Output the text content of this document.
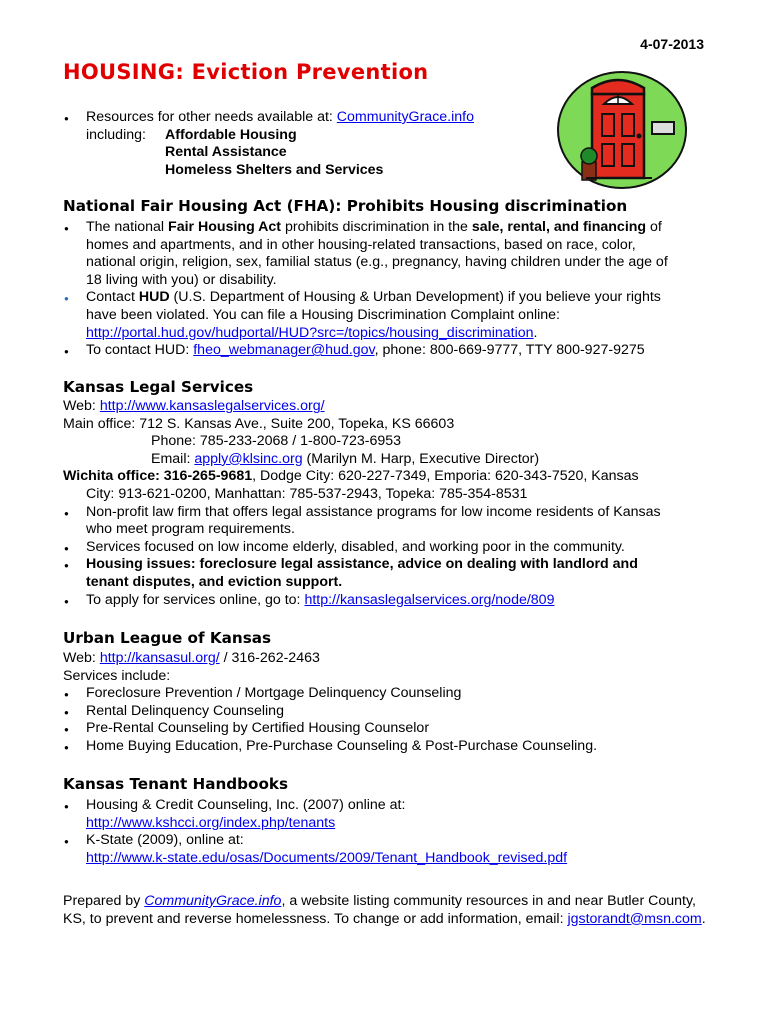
4-07-2013
HOUSING: Eviction Prevention
● Resources for other needs available at: CommunityGrace.info
including:	Affordable Housing
Rental Assistance
Homeless Shelters and Services
National Fair Housing Act (FHA): Prohibits Housing discrimination
● The national Fair Housing Act prohibits discrimination in the sale, rental, and financing of
homes and apartments, and in other housing-related transactions, based on race, color,
national origin, religion, sex, familial status (e.g., pregnancy, having children under the age of
18 living with you) or disability.
● Contact HUD (U.S. Department of Housing & Urban Development) if you believe your rights
have been violated. You can file a Housing Discrimination Complaint online:
http://portal.hud.gov/hudportal/HUD?src=/topics/housing_discrimination.
● To contact HUD: fheo_webmanager@hud.gov, phone: 800-669-9777, TTY 800-927-9275
Kansas Legal Services
Web: http://www.kansaslegalservices.org/
Main office: 712 S. Kansas Ave., Suite 200, Topeka, KS 66603
Phone: 785-233-2068 / 1-800-723-6953
Email: apply@klsinc.org (Marilyn M. Harp, Executive Director)
Wichita office: 316-265-9681, Dodge City: 620-227-7349, Emporia: 620-343-7520, Kansas
City: 913-621-0200, Manhattan: 785-537-2943, Topeka: 785-354-8531
● Non-profit law firm that offers legal assistance programs for low income residents of Kansas
who meet program requirements.
● Services focused on low income elderly, disabled, and working poor in the community.
● Housing issues: foreclosure legal assistance, advice on dealing with landlord and
tenant disputes, and eviction support.
● To apply for services online, go to: http://kansaslegalservices.org/node/809
Urban League of Kansas
Web: http://kansasul.org/ / 316-262-2463
Services include:
● Foreclosure Prevention / Mortgage Delinquency Counseling
● Rental Delinquency Counseling
● Pre-Rental Counseling by Certified Housing Counselor
● Home Buying Education, Pre-Purchase Counseling & Post-Purchase Counseling.
Kansas Tenant Handbooks
● Housing & Credit Counseling, Inc. (2007) online at:
http://www.kshcci.org/index.php/tenants
● K-State (2009), online at:
http://www.k-state.edu/osas/Documents/2009/Tenant_Handbook_revised.pdf
Prepared by CommunityGrace.info, a website listing community resources in and near Butler County,
KS, to prevent and reverse homelessness. To change or add information, email: jgstorandt@msn.com.
